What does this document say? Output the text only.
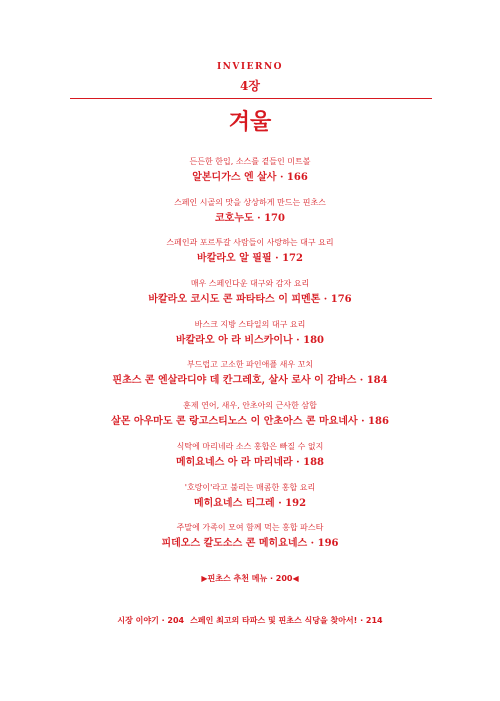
INVIERNO
4장
겨울
든든한 한입, 소스를 곁들인 미트볼
알본디가스 엔 살사 · 166
스페인 시골의 맛을 상상하게 만드는 핀초스
코호누도 · 170
스페인과 포르투갈 사람들이 사랑하는 대구 요리
바칼라오 알 필필 · 172
매우 스페인다운 대구와 감자 요리
바칼라오 코시도 콘 파타타스 이 피멘톤 · 176
바스크 지방 스타일의 대구 요리
바칼라오 아 라 비스카이나 · 180
부드럽고 고소한 파인애플 새우 꼬치
핀초스 콘 엔살라디야 데 칸그레호, 살사 로사 이 감바스 · 184
훈제 연어, 새우, 안초아의 근사한 삼합
살몬 아우마도 콘 랑고스티노스 이 안초아스 콘 마요네사 · 186
식탁에 마리네라 소스 홍합은 빠질 수 없지
메히요네스 아 라 마리네라 · 188
'호랑이'라고 불리는 매콤한 홍합 요리
메히요네스 티그레 · 192
주말에 가족이 모여 함께 먹는 홍합 파스타
피데오스 칼도소스 콘 메히요네스 · 196
▶핀초스 추천 메뉴 · 200◀
시장 이야기 · 204 스페인 최고의 타파스 및 핀초스 식당을 찾아서! · 214
